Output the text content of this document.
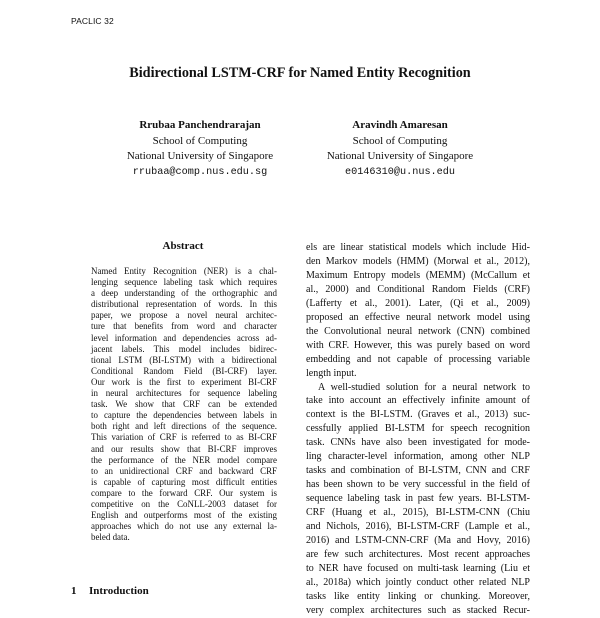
PACLIC 32
Bidirectional LSTM-CRF for Named Entity Recognition
Rrubaa Panchendrarajan
School of Computing
National University of Singapore
rrubaa@comp.nus.edu.sg
Aravindh Amaresan
School of Computing
National University of Singapore
e0146310@u.nus.edu
Abstract
Named Entity Recognition (NER) is a chal-
lenging sequence labeling task which requires
a deep understanding of the orthographic and
distributional representation of words. In this
paper, we propose a novel neural architec-
ture that benefits from word and character
level information and dependencies across ad-
jacent labels. This model includes bidirec-
tional LSTM (BI-LSTM) with a bidirectional
Conditional Random Field (BI-CRF) layer.
Our work is the first to experiment BI-CRF
in neural architectures for sequence labeling
task. We show that CRF can be extended
to capture the dependencies between labels in
both right and left directions of the sequence.
This variation of CRF is referred to as BI-CRF
and our results show that BI-CRF improves
the performance of the NER model compare
to an unidirectional CRF and backward CRF
is capable of capturing most difficult entities
compare to the forward CRF. Our system is
competitive on the CoNLL-2003 dataset for
English and outperforms most of the existing
approaches which do not use any external la-
beled data.
els are linear statistical models which include Hid-
den Markov models (HMM) (Morwal et al., 2012),
Maximum Entropy models (MEMM) (McCallum et
al., 2000) and Conditional Random Fields (CRF)
(Lafferty et al., 2001). Later, (Qi et al., 2009)
proposed an effective neural network model using
the Convolutional neural network (CNN) combined
with CRF. However, this was purely based on word
embedding and not capable of processing variable
length input.
A well-studied solution for a neural network to
take into account an effectively infinite amount of
context is the BI-LSTM. (Graves et al., 2013) suc-
cessfully applied BI-LSTM for speech recognition
task. CNNs have also been investigated for mode-
ling character-level information, among other NLP
tasks and combination of BI-LSTM, CNN and CRF
has been shown to be very successful in the field of
sequence labeling task in past few years. BI-LSTM-
CRF (Huang et al., 2015), BI-LSTM-CNN (Chiu
and Nichols, 2016), BI-LSTM-CRF (Lample et al.,
2016) and LSTM-CNN-CRF (Ma and Hovy, 2016)
are few such architectures. Most recent approaches
to NER have focused on multi-task learning (Liu et
al., 2018a) which jointly conduct other related NLP
tasks like entity linking or chunking. Moreover,
very complex architectures such as stacked Recur-
1 Introduction
